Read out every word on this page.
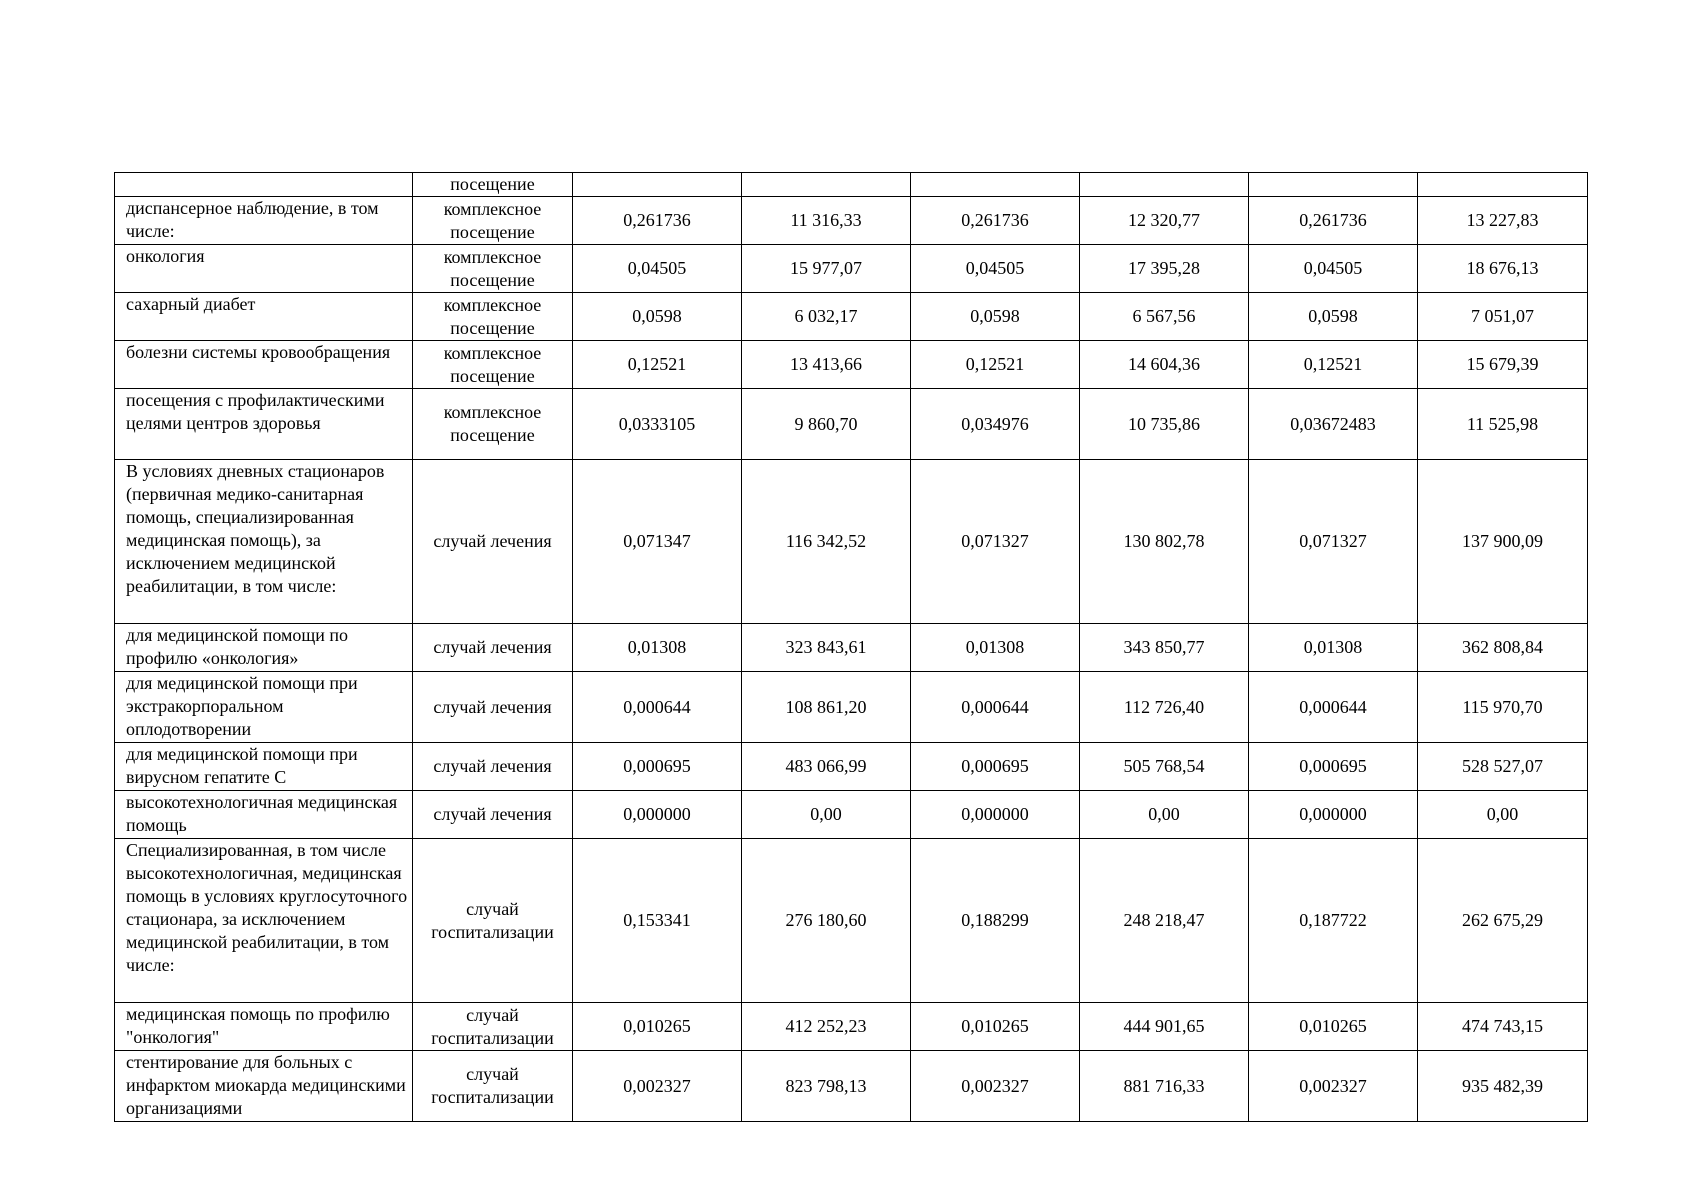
	посещение						
диспансерное наблюдение, в том числе:	комплексное посещение	0,261736	11 316,33	0,261736	12 320,77	0,261736	13 227,83
онкология	комплексное посещение	0,04505	15 977,07	0,04505	17 395,28	0,04505	18 676,13
сахарный диабет	комплексное посещение	0,0598	6 032,17	0,0598	6 567,56	0,0598	7 051,07
болезни системы кровообращения	комплексное посещение	0,12521	13 413,66	0,12521	14 604,36	0,12521	15 679,39
посещения с профилактическими целями центров здоровья	комплексное посещение	0,0333105	9 860,70	0,034976	10 735,86	0,03672483	11 525,98
В условиях дневных стационаров (первичная медико-санитарная помощь, специализированная медицинская помощь), за исключением медицинской реабилитации, в том числе:	случай лечения	0,071347	116 342,52	0,071327	130 802,78	0,071327	137 900,09
для медицинской помощи по профилю «онкология»	случай лечения	0,01308	323 843,61	0,01308	343 850,77	0,01308	362 808,84
для медицинской помощи при экстракорпоральном оплодотворении	случай лечения	0,000644	108 861,20	0,000644	112 726,40	0,000644	115 970,70
для медицинской помощи при вирусном гепатите С	случай лечения	0,000695	483 066,99	0,000695	505 768,54	0,000695	528 527,07
высокотехнологичная медицинская помощь	случай лечения	0,000000	0,00	0,000000	0,00	0,000000	0,00
Специализированная, в том числе высокотехнологичная, медицинская помощь в условиях круглосуточного стационара, за исключением медицинской реабилитации, в том числе:	случай госпитализации	0,153341	276 180,60	0,188299	248 218,47	0,187722	262 675,29
медицинская помощь по профилю "онкология"	случай госпитализации	0,010265	412 252,23	0,010265	444 901,65	0,010265	474 743,15
стентирование для больных с инфарктом миокарда медицинскими организациями	случай госпитализации	0,002327	823 798,13	0,002327	881 716,33	0,002327	935 482,39
